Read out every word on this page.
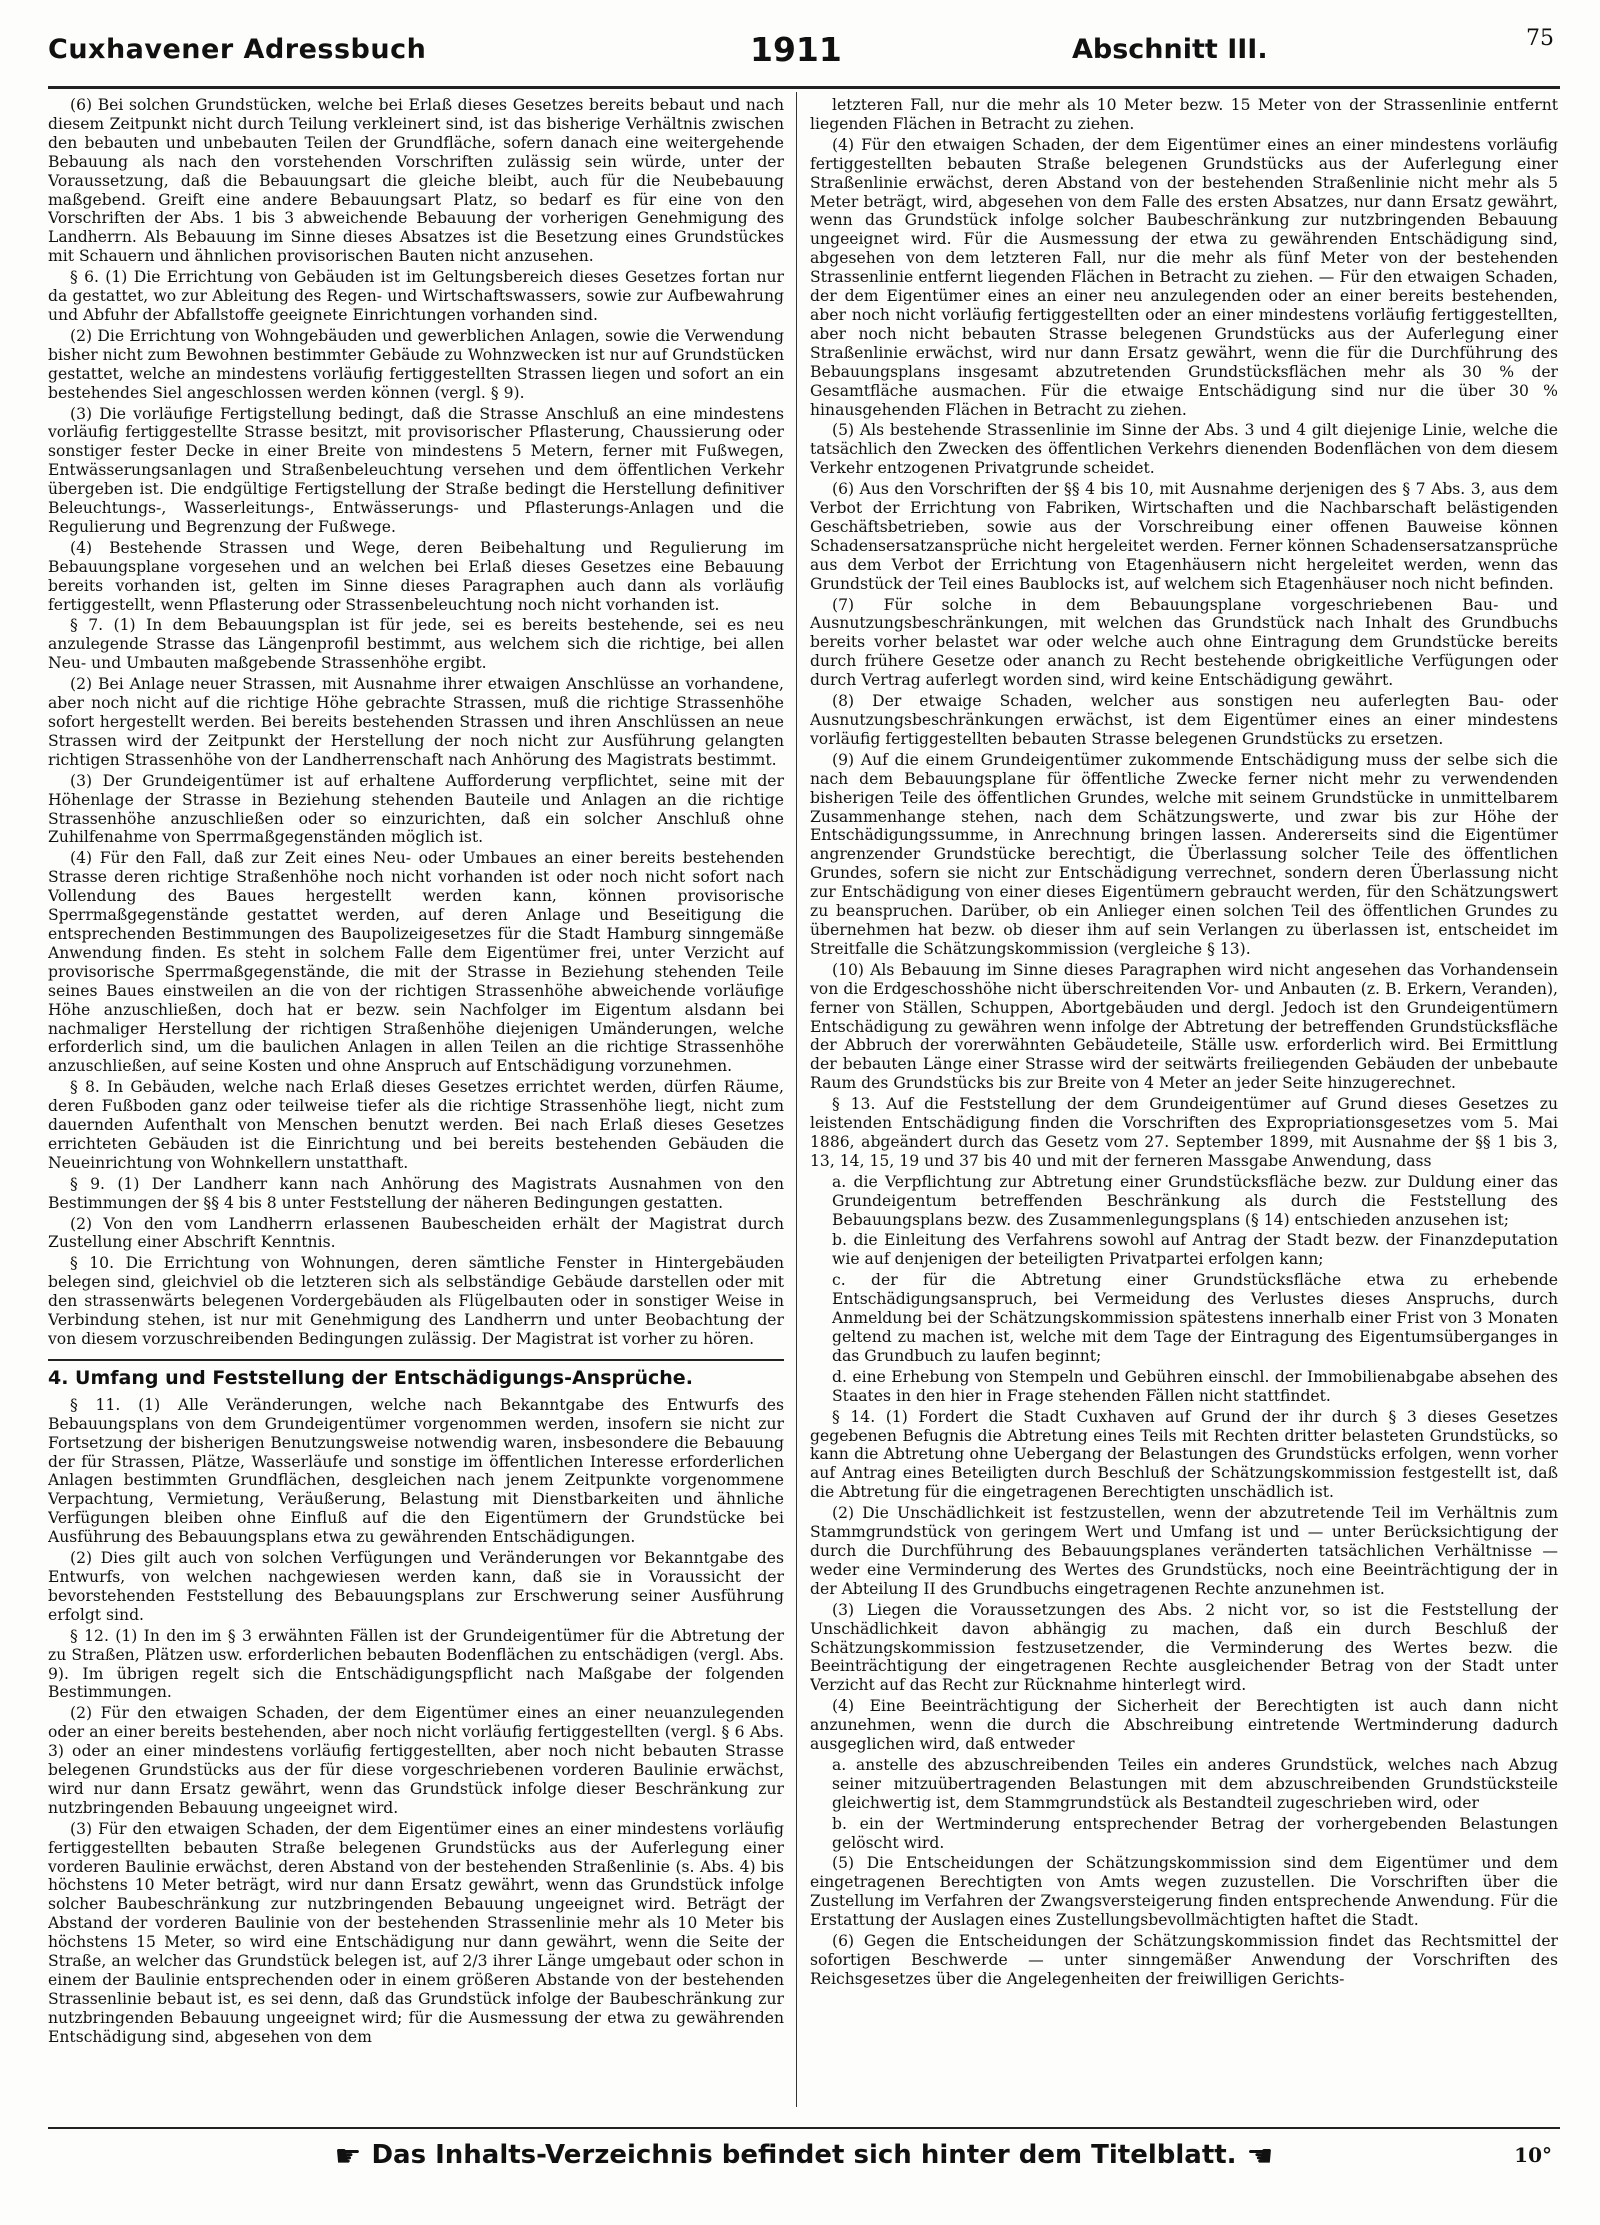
Cuxhavener Adressbuch	1911	Abschnitt III.	75

(6) Bei solchen Grundstücken, welche bei Erlaß dieses Gesetzes bereits bebaut und nach diesem Zeitpunkt nicht durch Teilung verkleinert sind, ist das bisherige Verhältnis zwischen den bebauten und unbebauten Teilen der Grundfläche, sofern danach eine weitergehende Bebauung als nach den vorstehenden Vorschriften zulässig sein würde, unter der Voraussetzung, daß die Bebauungsart die gleiche bleibt, auch für die Neubebauung maßgebend. Greift eine andere Bebauungsart Platz, so bedarf es für eine von den Vorschriften der Abs. 1 bis 3 abweichende Bebauung der vorherigen Genehmigung des Landherrn. Als Bebauung im Sinne dieses Absatzes ist die Besetzung eines Grundstückes mit Schauern und ähnlichen provisorischen Bauten nicht anzusehen.

§ 6. (1) Die Errichtung von Gebäuden ist im Geltungsbereich dieses Gesetzes fortan nur da gestattet, wo zur Ableitung des Regen- und Wirtschaftswassers, sowie zur Aufbewahrung und Abfuhr der Abfallstoffe geeignete Einrichtungen vorhanden sind.

(2) Die Errichtung von Wohngebäuden und gewerblichen Anlagen, sowie die Verwendung bisher nicht zum Bewohnen bestimmter Gebäude zu Wohnzwecken ist nur auf Grundstücken gestattet, welche an mindestens vorläufig fertiggestellten Strassen liegen und sofort an ein bestehendes Siel angeschlossen werden können (vergl. § 9).

(3) Die vorläufige Fertigstellung bedingt, daß die Strasse Anschluß an eine mindestens vorläufig fertiggestellte Strasse besitzt, mit provisorischer Pflasterung, Chaussierung oder sonstiger fester Decke in einer Breite von mindestens 5 Metern, ferner mit Fußwegen, Entwässerungsanlagen und Straßenbeleuchtung versehen und dem öffentlichen Verkehr übergeben ist. Die endgültige Fertigstellung der Straße bedingt die Herstellung definitiver Beleuchtungs-, Wasserleitungs-, Entwässerungs- und Pflasterungs-Anlagen und die Regulierung und Begrenzung der Fußwege.

(4) Bestehende Strassen und Wege, deren Beibehaltung und Regulierung im Bebauungsplane vorgesehen und an welchen bei Erlaß dieses Gesetzes eine Bebauung bereits vorhanden ist, gelten im Sinne dieses Paragraphen auch dann als vorläufig fertiggestellt, wenn Pflasterung oder Strassenbeleuchtung noch nicht vorhanden ist.

§ 7. (1) In dem Bebauungsplan ist für jede, sei es bereits bestehende, sei es neu anzulegende Strasse das Längenprofil bestimmt, aus welchem sich die richtige, bei allen Neu- und Umbauten maßgebende Strassenhöhe ergibt.

(2) Bei Anlage neuer Strassen, mit Ausnahme ihrer etwaigen Anschlüsse an vorhandene, aber noch nicht auf die richtige Höhe gebrachte Strassen, muß die richtige Strassenhöhe sofort hergestellt werden. Bei bereits bestehenden Strassen und ihren Anschlüssen an neue Strassen wird der Zeitpunkt der Herstellung der noch nicht zur Ausführung gelangten richtigen Strassenhöhe von der Landherrenschaft nach Anhörung des Magistrats bestimmt.

(3) Der Grundeigentümer ist auf erhaltene Aufforderung verpflichtet, seine mit der Höhenlage der Strasse in Beziehung stehenden Bauteile und Anlagen an die richtige Strassenhöhe anzuschließen oder so einzurichten, daß ein solcher Anschluß ohne Zuhilfenahme von Sperrmaßgegenständen möglich ist.

(4) Für den Fall, daß zur Zeit eines Neu- oder Umbaues an einer bereits bestehenden Strasse deren richtige Straßenhöhe noch nicht vorhanden ist oder noch nicht sofort nach Vollendung des Baues hergestellt werden kann, können provisorische Sperrmaßgegenstände gestattet werden, auf deren Anlage und Beseitigung die entsprechenden Bestimmungen des Baupolizeigesetzes für die Stadt Hamburg sinngemäße Anwendung finden. Es steht in solchem Falle dem Eigentümer frei, unter Verzicht auf provisorische Sperrmaßgegenstände, die mit der Strasse in Beziehung stehenden Teile seines Baues einstweilen an die von der richtigen Strassenhöhe abweichende vorläufige Höhe anzuschließen, doch hat er bezw. sein Nachfolger im Eigentum alsdann bei nachmaliger Herstellung der richtigen Straßenhöhe diejenigen Umänderungen, welche erforderlich sind, um die baulichen Anlagen in allen Teilen an die richtige Strassenhöhe anzuschließen, auf seine Kosten und ohne Anspruch auf Entschädigung vorzunehmen.

§ 8. In Gebäuden, welche nach Erlaß dieses Gesetzes errichtet werden, dürfen Räume, deren Fußboden ganz oder teilweise tiefer als die richtige Strassenhöhe liegt, nicht zum dauernden Aufenthalt von Menschen benutzt werden. Bei nach Erlaß dieses Gesetzes errichteten Gebäuden ist die Einrichtung und bei bereits bestehenden Gebäuden die Neueinrichtung von Wohnkellern unstatthaft.

§ 9. (1) Der Landherr kann nach Anhörung des Magistrats Ausnahmen von den Bestimmungen der §§ 4 bis 8 unter Feststellung der näheren Bedingungen gestatten.

(2) Von den vom Landherrn erlassenen Baubescheiden erhält der Magistrat durch Zustellung einer Abschrift Kenntnis.

§ 10. Die Errichtung von Wohnungen, deren sämtliche Fenster in Hintergebäuden belegen sind, gleichviel ob die letzteren sich als selbständige Gebäude darstellen oder mit den strassenwärts belegenen Vordergebäuden als Flügelbauten oder in sonstiger Weise in Verbindung stehen, ist nur mit Genehmigung des Landherrn und unter Beobachtung der von diesem vorzuschreibenden Bedingungen zulässig. Der Magistrat ist vorher zu hören.

4. Umfang und Feststellung der Entschädigungs-Ansprüche.

§ 11. (1) Alle Veränderungen, welche nach Bekanntgabe des Entwurfs des Bebauungsplans von dem Grundeigentümer vorgenommen werden, insofern sie nicht zur Fortsetzung der bisherigen Benutzungsweise notwendig waren, insbesondere die Bebauung der für Strassen, Plätze, Wasserläufe und sonstige im öffentlichen Interesse erforderlichen Anlagen bestimmten Grundflächen, desgleichen nach jenem Zeitpunkte vorgenommene Verpachtung, Vermietung, Veräußerung, Belastung mit Dienstbarkeiten und ähnliche Verfügungen bleiben ohne Einfluß auf die den Eigentümern der Grundstücke bei Ausführung des Bebauungsplans etwa zu gewährenden Entschädigungen.

(2) Dies gilt auch von solchen Verfügungen und Veränderungen vor Bekanntgabe des Entwurfs, von welchen nachgewiesen werden kann, daß sie in Voraussicht der bevorstehenden Feststellung des Bebauungsplans zur Erschwerung seiner Ausführung erfolgt sind.

§ 12. (1) In den im § 3 erwähnten Fällen ist der Grundeigentümer für die Abtretung der zu Straßen, Plätzen usw. erforderlichen bebauten Bodenflächen zu entschädigen (vergl. Abs. 9). Im übrigen regelt sich die Entschädigungspflicht nach Maßgabe der folgenden Bestimmungen.

(2) Für den etwaigen Schaden, der dem Eigentümer eines an einer neuanzulegenden oder an einer bereits bestehenden, aber noch nicht vorläufig fertiggestellten (vergl. § 6 Abs. 3) oder an einer mindestens vorläufig fertiggestellten, aber noch nicht bebauten Strasse belegenen Grundstücks aus der für diese vorgeschriebenen vorderen Baulinie erwächst, wird nur dann Ersatz gewährt, wenn das Grundstück infolge dieser Beschränkung zur nutzbringenden Bebauung ungeeignet wird.

(3) Für den etwaigen Schaden, der dem Eigentümer eines an einer mindestens vorläufig fertiggestellten bebauten Straße belegenen Grundstücks aus der Auferlegung einer vorderen Baulinie erwächst, deren Abstand von der bestehenden Straßenlinie (s. Abs. 4) bis höchstens 10 Meter beträgt, wird nur dann Ersatz gewährt, wenn das Grundstück infolge solcher Baubeschränkung zur nutzbringenden Bebauung ungeeignet wird. Beträgt der Abstand der vorderen Baulinie von der bestehenden Strassenlinie mehr als 10 Meter bis höchstens 15 Meter, so wird eine Entschädigung nur dann gewährt, wenn die Seite der Straße, an welcher das Grundstück belegen ist, auf 2/3 ihrer Länge umgebaut oder schon in einem der Baulinie entsprechenden oder in einem größeren Abstande von der bestehenden Strassenlinie bebaut ist, es sei denn, daß das Grundstück infolge der Baubeschränkung zur nutzbringenden Bebauung ungeeignet wird; für die Ausmessung der etwa zu gewährenden Entschädigung sind, abgesehen von dem

letzteren Fall, nur die mehr als 10 Meter bezw. 15 Meter von der Strassenlinie entfernt liegenden Flächen in Betracht zu ziehen.

(4) Für den etwaigen Schaden, der dem Eigentümer eines an einer mindestens vorläufig fertiggestellten bebauten Straße belegenen Grundstücks aus der Auferlegung einer Straßenlinie erwächst, deren Abstand von der bestehenden Straßenlinie nicht mehr als 5 Meter beträgt, wird, abgesehen von dem Falle des ersten Absatzes, nur dann Ersatz gewährt, wenn das Grundstück infolge solcher Baubeschränkung zur nutzbringenden Bebauung ungeeignet wird. Für die Ausmessung der etwa zu gewährenden Entschädigung sind, abgesehen von dem letzteren Fall, nur die mehr als fünf Meter von der bestehenden Strassenlinie entfernt liegenden Flächen in Betracht zu ziehen. — Für den etwaigen Schaden, der dem Eigentümer eines an einer neu anzulegenden oder an einer bereits bestehenden, aber noch nicht vorläufig fertiggestellten oder an einer mindestens vorläufig fertiggestellten, aber noch nicht bebauten Strasse belegenen Grundstücks aus der Auferlegung einer Straßenlinie erwächst, wird nur dann Ersatz gewährt, wenn die für die Durchführung des Bebauungsplans insgesamt abzutretenden Grundstücksflächen mehr als 30 % der Gesamtfläche ausmachen. Für die etwaige Entschädigung sind nur die über 30 % hinausgehenden Flächen in Betracht zu ziehen.

(5) Als bestehende Strassenlinie im Sinne der Abs. 3 und 4 gilt diejenige Linie, welche die tatsächlich den Zwecken des öffentlichen Verkehrs dienenden Bodenflächen von dem diesem Verkehr entzogenen Privatgrunde scheidet.

(6) Aus den Vorschriften der §§ 4 bis 10, mit Ausnahme derjenigen des § 7 Abs. 3, aus dem Verbot der Errichtung von Fabriken, Wirtschaften und die Nachbarschaft belästigenden Geschäftsbetrieben, sowie aus der Vorschreibung einer offenen Bauweise können Schadensersatzansprüche nicht hergeleitet werden. Ferner können Schadensersatzansprüche aus dem Verbot der Errichtung von Etagenhäusern nicht hergeleitet werden, wenn das Grundstück der Teil eines Baublocks ist, auf welchem sich Etagenhäuser noch nicht befinden.

(7) Für solche in dem Bebauungsplane vorgeschriebenen Bau- und Ausnutzungsbeschränkungen, mit welchen das Grundstück nach Inhalt des Grundbuchs bereits vorher belastet war oder welche auch ohne Eintragung dem Grundstücke bereits durch frühere Gesetze oder ananch zu Recht bestehende obrigkeitliche Verfügungen oder durch Vertrag auferlegt worden sind, wird keine Entschädigung gewährt.

(8) Der etwaige Schaden, welcher aus sonstigen neu auferlegten Bau- oder Ausnutzungsbeschränkungen erwächst, ist dem Eigentümer eines an einer mindestens vorläufig fertiggestellten bebauten Strasse belegenen Grundstücks zu ersetzen.

(9) Auf die einem Grundeigentümer zukommende Entschädigung muss der selbe sich die nach dem Bebauungsplane für öffentliche Zwecke ferner nicht mehr zu verwendenden bisherigen Teile des öffentlichen Grundes, welche mit seinem Grundstücke in unmittelbarem Zusammenhange stehen, nach dem Schätzungswerte, und zwar bis zur Höhe der Entschädigungssumme, in Anrechnung bringen lassen. Andererseits sind die Eigentümer angrenzender Grundstücke berechtigt, die Überlassung solcher Teile des öffentlichen Grundes, sofern sie nicht zur Entschädigung verrechnet, sondern deren Überlassung nicht zur Entschädigung von einer dieses Eigentümern gebraucht werden, für den Schätzungswert zu beanspruchen. Darüber, ob ein Anlieger einen solchen Teil des öffentlichen Grundes zu übernehmen hat bezw. ob dieser ihm auf sein Verlangen zu überlassen ist, entscheidet im Streitfalle die Schätzungskommission (vergleiche § 13).

(10) Als Bebauung im Sinne dieses Paragraphen wird nicht angesehen das Vorhandensein von die Erdgeschosshöhe nicht überschreitenden Vor- und Anbauten (z. B. Erkern, Veranden), ferner von Ställen, Schuppen, Abortgebäuden und dergl. Jedoch ist den Grundeigentümern Entschädigung zu gewähren wenn infolge der Abtretung der betreffenden Grundstücksfläche der Abbruch der vorerwähnten Gebäudeteile, Ställe usw. erforderlich wird. Bei Ermittlung der bebauten Länge einer Strasse wird der seitwärts freiliegenden Gebäuden der unbebaute Raum des Grundstücks bis zur Breite von 4 Meter an jeder Seite hinzugerechnet.

§ 13. Auf die Feststellung der dem Grundeigentümer auf Grund dieses Gesetzes zu leistenden Entschädigung finden die Vorschriften des Expropriationsgesetzes vom 5. Mai 1886, abgeändert durch das Gesetz vom 27. September 1899, mit Ausnahme der §§ 1 bis 3, 13, 14, 15, 19 und 37 bis 40 und mit der ferneren Massgabe Anwendung, dass

a. die Verpflichtung zur Abtretung einer Grundstücksfläche bezw. zur Duldung einer das Grundeigentum betreffenden Beschränkung als durch die Feststellung des Bebauungsplans bezw. des Zusammenlegungsplans (§ 14) entschieden anzusehen ist;

b. die Einleitung des Verfahrens sowohl auf Antrag der Stadt bezw. der Finanzdeputation wie auf denjenigen der beteiligten Privatpartei erfolgen kann;

c. der für die Abtretung einer Grundstücksfläche etwa zu erhebende Entschädigungsanspruch, bei Vermeidung des Verlustes dieses Anspruchs, durch Anmeldung bei der Schätzungskommission spätestens innerhalb einer Frist von 3 Monaten geltend zu machen ist, welche mit dem Tage der Eintragung des Eigentumsüberganges in das Grundbuch zu laufen beginnt;

d. eine Erhebung von Stempeln und Gebühren einschl. der Immobilienabgabe absehen des Staates in den hier in Frage stehenden Fällen nicht stattfindet.

§ 14. (1) Fordert die Stadt Cuxhaven auf Grund der ihr durch § 3 dieses Gesetzes gegebenen Befugnis die Abtretung eines Teils mit Rechten dritter belasteten Grundstücks, so kann die Abtretung ohne Uebergang der Belastungen des Grundstücks erfolgen, wenn vorher auf Antrag eines Beteiligten durch Beschluß der Schätzungskommission festgestellt ist, daß die Abtretung für die eingetragenen Berechtigten unschädlich ist.

(2) Die Unschädlichkeit ist festzustellen, wenn der abzutretende Teil im Verhältnis zum Stammgrundstück von geringem Wert und Umfang ist und — unter Berücksichtigung der durch die Durchführung des Bebauungsplanes veränderten tatsächlichen Verhältnisse — weder eine Verminderung des Wertes des Grundstücks, noch eine Beeinträchtigung der in der Abteilung II des Grundbuchs eingetragenen Rechte anzunehmen ist.

(3) Liegen die Voraussetzungen des Abs. 2 nicht vor, so ist die Feststellung der Unschädlichkeit davon abhängig zu machen, daß ein durch Beschluß der Schätzungskommission festzusetzender, die Verminderung des Wertes bezw. die Beeinträchtigung der eingetragenen Rechte ausgleichender Betrag von der Stadt unter Verzicht auf das Recht zur Rücknahme hinterlegt wird.

(4) Eine Beeinträchtigung der Sicherheit der Berechtigten ist auch dann nicht anzunehmen, wenn die durch die Abschreibung eintretende Wertminderung dadurch ausgeglichen wird, daß entweder

a. anstelle des abzuschreibenden Teiles ein anderes Grundstück, welches nach Abzug seiner mitzuübertragenden Belastungen mit dem abzuschreibenden Grundstücksteile gleichwertig ist, dem Stammgrundstück als Bestandteil zugeschrieben wird, oder

b. ein der Wertminderung entsprechender Betrag der vorhergebenden Belastungen gelöscht wird.

(5) Die Entscheidungen der Schätzungskommission sind dem Eigentümer und dem eingetragenen Berechtigten von Amts wegen zuzustellen. Die Vorschriften über die Zustellung im Verfahren der Zwangsversteigerung finden entsprechende Anwendung. Für die Erstattung der Auslagen eines Zustellungsbevollmächtigten haftet die Stadt.

(6) Gegen die Entscheidungen der Schätzungskommission findet das Rechtsmittel der sofortigen Beschwerde — unter sinngemäßer Anwendung der Vorschriften des Reichsgesetzes über die Angelegenheiten der freiwilligen Gerichts-

☛ Das Inhalts-Verzeichnis befindet sich hinter dem Titelblatt. ☚	10°
